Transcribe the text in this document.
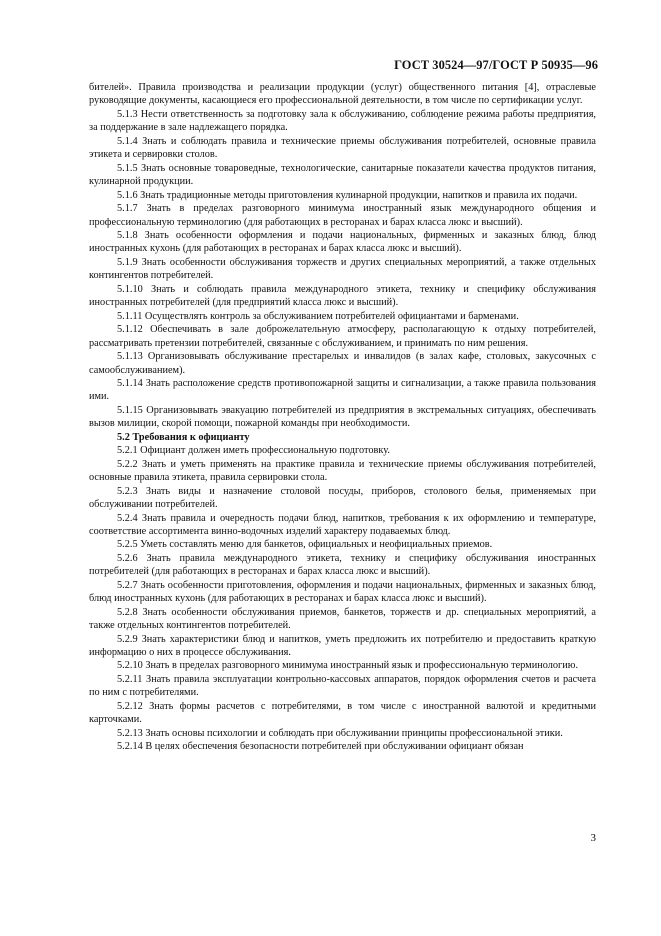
ГОСТ 30524—97/ГОСТ Р 50935—96

бителей». Правила производства и реализации продукции (услуг) общественного питания [4], отраслевые руководящие документы, касающиеся его профессиональной деятельности, в том числе по сертификации услуг.

5.1.3 Нести ответственность за подготовку зала к обслуживанию, соблюдение режима работы предприятия, за поддержание в зале надлежащего порядка.

5.1.4 Знать и соблюдать правила и технические приемы обслуживания потребителей, основные правила этикета и сервировки столов.

5.1.5 Знать основные товароведные, технологические, санитарные показатели качества продуктов питания, кулинарной продукции.

5.1.6 Знать традиционные методы приготовления кулинарной продукции, напитков и правила их подачи.

5.1.7 Знать в пределах разговорного минимума иностранный язык международного общения и профессиональную терминологию (для работающих в ресторанах и барах класса люкс и высший).

5.1.8 Знать особенности оформления и подачи национальных, фирменных и заказных блюд, блюд иностранных кухонь (для работающих в ресторанах и барах класса люкс и высший).

5.1.9 Знать особенности обслуживания торжеств и других специальных мероприятий, а также отдельных контингентов потребителей.

5.1.10 Знать и соблюдать правила международного этикета, технику и специфику обслуживания иностранных потребителей (для предприятий класса люкс и высший).

5.1.11 Осуществлять контроль за обслуживанием потребителей официантами и барменами.

5.1.12 Обеспечивать в зале доброжелательную атмосферу, располагающую к отдыху потребителей, рассматривать претензии потребителей, связанные с обслуживанием, и принимать по ним решения.

5.1.13 Организовывать обслуживание престарелых и инвалидов (в залах кафе, столовых, закусочных с самообслуживанием).

5.1.14 Знать расположение средств противопожарной защиты и сигнализации, а также правила пользования ими.

5.1.15 Организовывать эвакуацию потребителей из предприятия в экстремальных ситуациях, обеспечивать вызов милиции, скорой помощи, пожарной команды при необходимости.

5.2 Требования к официанту

5.2.1 Официант должен иметь профессиональную подготовку.

5.2.2 Знать и уметь применять на практике правила и технические приемы обслуживания потребителей, основные правила этикета, правила сервировки стола.

5.2.3 Знать виды и назначение столовой посуды, приборов, столового белья, применяемых при обслуживании потребителей.

5.2.4 Знать правила и очередность подачи блюд, напитков, требования к их оформлению и температуре, соответствие ассортимента винно-водочных изделий характеру подаваемых блюд.

5.2.5 Уметь составлять меню для банкетов, официальных и неофициальных приемов.

5.2.6 Знать правила международного этикета, технику и специфику обслуживания иностранных потребителей (для работающих в ресторанах и барах класса люкс и высший).

5.2.7 Знать особенности приготовления, оформления и подачи национальных, фирменных и заказных блюд, блюд иностранных кухонь (для работающих в ресторанах и барах класса люкс и высший).

5.2.8 Знать особенности обслуживания приемов, банкетов, торжеств и др. специальных мероприятий, а также отдельных контингентов потребителей.

5.2.9 Знать характеристики блюд и напитков, уметь предложить их потребителю и предоставить краткую информацию о них в процессе обслуживания.

5.2.10 Знать в пределах разговорного минимума иностранный язык и профессиональную терминологию.

5.2.11 Знать правила эксплуатации контрольно-кассовых аппаратов, порядок оформления счетов и расчета по ним с потребителями.

5.2.12 Знать формы расчетов с потребителями, в том числе с иностранной валютой и кредитными карточками.

5.2.13 Знать основы психологии и соблюдать при обслуживании принципы профессиональной этики.

5.2.14 В целях обеспечения безопасности потребителей при обслуживании официант обязан

3
